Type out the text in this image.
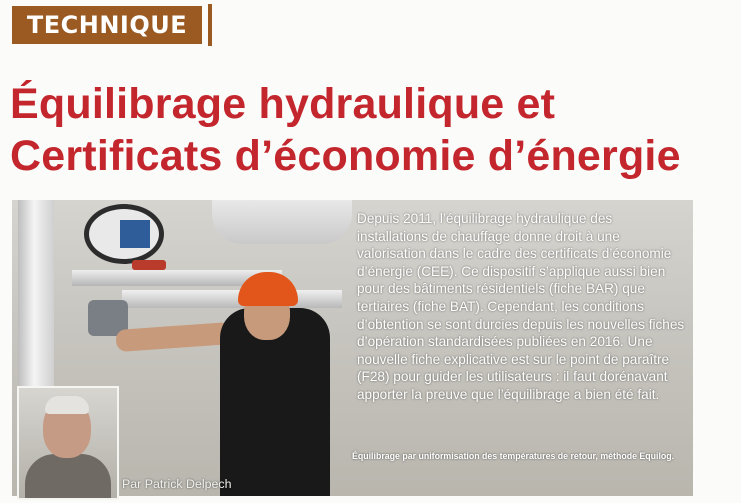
TECHNIQUE
Équilibrage hydraulique et Certificats d’économie d’énergie

Depuis 2011, l’équilibrage hydraulique des installations de chauffage donne droit à une valorisation dans le cadre des certificats d’économie d’énergie (CEE). Ce dispositif s’applique aussi bien pour des bâtiments résidentiels (fiche BAR) que tertiaires (fiche BAT). Cependant, les conditions d’obtention se sont durcies depuis les nouvelles fiches d’opération standardisées publiées en 2016. Une nouvelle fiche explicative est sur le point de paraître (F28) pour guider les utilisateurs : il faut dorénavant apporter la preuve que l’équilibrage a bien été fait.

Équilibrage par uniformisation des températures de retour, méthode Equilog.

Par Patrick Delpech
